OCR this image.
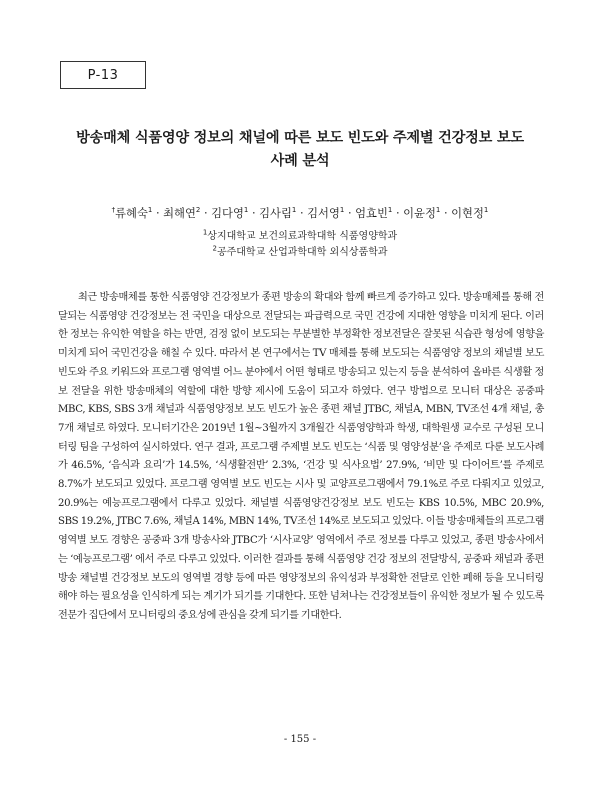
P-13
방송매체 식품영양 정보의 채널에 따른 보도 빈도와 주제별 건강정보 보도
사례 분석
†류혜숙$^1$ · 최해연$^2$ · 김다영$^1$ · 김사림$^1$ · 김서영$^1$ · 엄효빈$^1$ · 이윤정$^1$ · 이현정$^1$
$^1$상지대학교 보건의료과학대학 식품영양학과
$^2$공주대학교 산업과학대학 외식상품학과

최근 방송매체를 통한 식품영양 건강정보가 종편 방송의 확대와 함께 빠르게 증가하고 있다. 방송매체를 통해 전달되는 식품영양 건강정보는 전 국민을 대상으로 전달되는 파급력으로 국민 건강에 지대한 영향을 미치게 된다. 이러한 정보는 유익한 역할을 하는 반면, 검정 없이 보도되는 무분별한 부정확한 정보전달은 잘못된 식습관 형성에 영향을 미치게 되어 국민건강을 해칠 수 있다. 따라서 본 연구에서는 TV 매체를 통해 보도되는 식품영양 정보의 채널별 보도 빈도와 주요 키워드와 프로그램 영역별 어느 분야에서 어떤 형태로 방송되고 있는지 등을 분석하여 올바른 식생활 정보 전달을 위한 방송매체의 역할에 대한 방향 제시에 도움이 되고자 하였다. 연구 방법으로 모니터 대상은 공중파 MBC, KBS, SBS 3개 채널과 식품영양정보 보도 빈도가 높은 종편 채널 JTBC, 채널A, MBN, TV조선 4개 채널, 총 7개 채널로 하였다. 모니터기간은 2019년 1월~3월까지 3개월간 식품영양학과 학생, 대학원생 교수로 구성된 모니터링 팀을 구성하여 실시하였다. 연구 결과, 프로그램 주제별 보도 빈도는 ‘식품 및 영양성분’을 주제로 다룬 보도사례가 46.5%, ‘음식과 요리’가 14.5%, ‘식생활전반’ 2.3%, ‘건강 및 식사요법’ 27.9%, ‘비만 및 다이어트’를 주제로 8.7%가 보도되고 있었다. 프로그램 영역별 보도 빈도는 시사 및 교양프로그램에서 79.1%로 주로 다뤄지고 있었고, 20.9%는 예능프로그램에서 다루고 있었다. 채널별 식품영양건강정보 보도 빈도는 KBS 10.5%, MBC 20.9%, SBS 19.2%, JTBC 7.6%, 채널A 14%, MBN 14%, TV조선 14%로 보도되고 있었다. 이들 방송매체들의 프로그램 영역별 보도 경향은 공중파 3개 방송사와 JTBC가 ‘시사교양’ 영역에서 주로 정보를 다루고 있었고, 종편 방송사에서는 ‘예능프로그램’ 에서 주로 다루고 있었다. 이러한 결과를 통해 식품영양 건강 정보의 전달방식, 공중파 채널과 종편방송 채널별 건강정보 보도의 영역별 경향 등에 따른 영양정보의 유익성과 부정확한 전달로 인한 폐해 등을 모니터링 해야 하는 필요성을 인식하게 되는 계기가 되기를 기대한다. 또한 넘쳐나는 건강정보들이 유익한 정보가 될 수 있도록 전문가 집단에서 모니터링의 중요성에 관심을 갖게 되기를 기대한다.

- 155 -
